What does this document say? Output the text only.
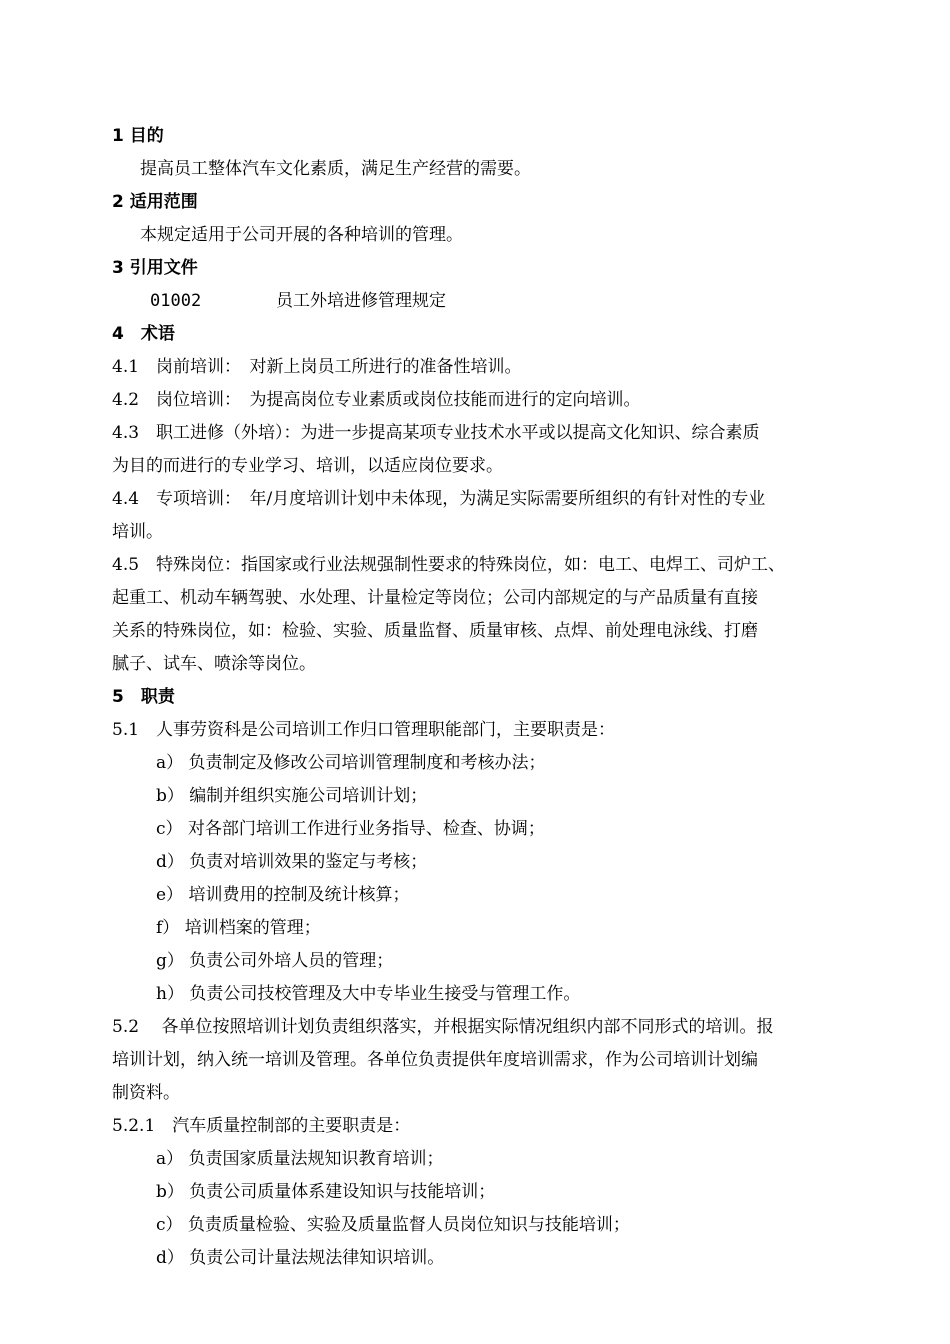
1 目的
提高员工整体汽车文化素质，满足生产经营的需要。
2 适用范围
本规定适用于公司开展的各种培训的管理。
3 引用文件
01002	员工外培进修管理规定
4　术语
4.1　岗前培训：　对新上岗员工所进行的准备性培训。
4.2　岗位培训：　为提高岗位专业素质或岗位技能而进行的定向培训。
4.3　职工进修（外培）：为进一步提高某项专业技术水平或以提高文化知识、综合素质
为目的而进行的专业学习、培训，以适应岗位要求。
4.4　专项培训：　年/月度培训计划中未体现，为满足实际需要所组织的有针对性的专业
培训。
4.5　特殊岗位：指国家或行业法规强制性要求的特殊岗位，如：电工、电焊工、司炉工、
起重工、机动车辆驾驶、水处理、计量检定等岗位；公司内部规定的与产品质量有直接
关系的特殊岗位，如：检验、实验、质量监督、质量审核、点焊、前处理电泳线、打磨
腻子、试车、喷涂等岗位。
5　职责
5.1　人事劳资科是公司培训工作归口管理职能部门，主要职责是：
a） 负责制定及修改公司培训管理制度和考核办法；
b） 编制并组织实施公司培训计划；
c） 对各部门培训工作进行业务指导、检查、协调；
d） 负责对培训效果的鉴定与考核；
e） 培训费用的控制及统计核算；
f） 培训档案的管理；
g） 负责公司外培人员的管理；
h） 负责公司技校管理及大中专毕业生接受与管理工作。
5.2　 各单位按照培训计划负责组织落实，并根据实际情况组织内部不同形式的培训。报
培训计划，纳入统一培训及管理。各单位负责提供年度培训需求，作为公司培训计划编
制资料。
5.2.1　汽车质量控制部的主要职责是：
a） 负责国家质量法规知识教育培训；
b） 负责公司质量体系建设知识与技能培训；
c） 负责质量检验、实验及质量监督人员岗位知识与技能培训；
d） 负责公司计量法规法律知识培训。
